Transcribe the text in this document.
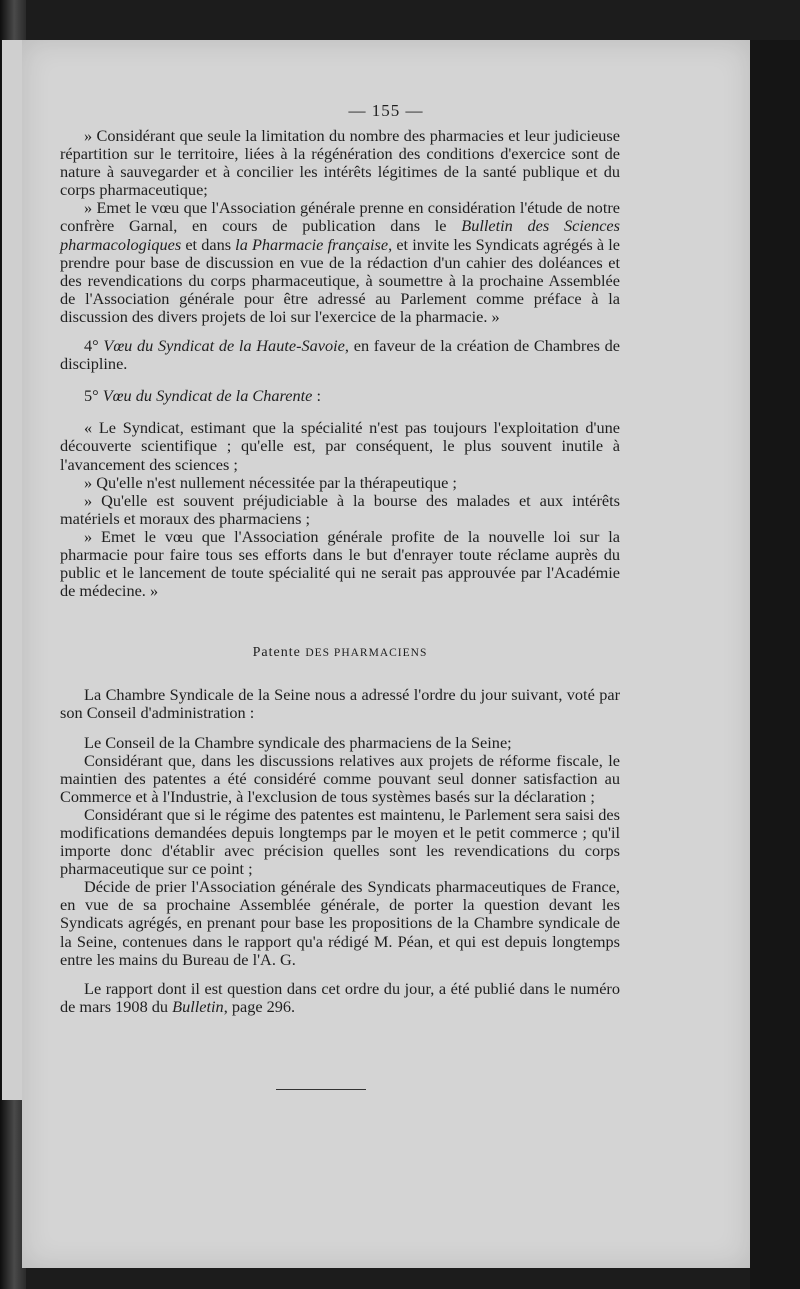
— 155 —

» Considérant que seule la limitation du nombre des pharmacies et leur judicieuse répartition sur le territoire, liées à la régénération des conditions d'exercice sont de nature à sauvegarder et à concilier les intérêts légitimes de la santé publique et du corps pharmaceutique;

» Emet le vœu que l'Association générale prenne en considération l'étude de notre confrère Garnal, en cours de publication dans le Bulletin des Sciences pharmacologiques et dans la Pharmacie française, et invite les Syndicats agrégés à le prendre pour base de discussion en vue de la rédaction d'un cahier des doléances et des revendications du corps pharmaceutique, à soumettre à la prochaine Assemblée de l'Association générale pour être adressé au Parlement comme préface à la discussion des divers projets de loi sur l'exercice de la pharmacie. »

4° Vœu du Syndicat de la Haute-Savoie, en faveur de la création de Chambres de discipline.

5° Vœu du Syndicat de la Charente :

« Le Syndicat, estimant que la spécialité n'est pas toujours l'exploitation d'une découverte scientifique ; qu'elle est, par conséquent, le plus souvent inutile à l'avancement des sciences ;

» Qu'elle n'est nullement nécessitée par la thérapeutique ;

» Qu'elle est souvent préjudiciable à la bourse des malades et aux intérêts matériels et moraux des pharmaciens ;

» Emet le vœu que l'Association générale profite de la nouvelle loi sur la pharmacie pour faire tous ses efforts dans le but d'enrayer toute réclame auprès du public et le lancement de toute spécialité qui ne serait pas approuvée par l'Académie de médecine. »

Patente DES PHARMACIENS

La Chambre Syndicale de la Seine nous a adressé l'ordre du jour suivant, voté par son Conseil d'administration :

Le Conseil de la Chambre syndicale des pharmaciens de la Seine;

Considérant que, dans les discussions relatives aux projets de réforme fiscale, le maintien des patentes a été considéré comme pouvant seul donner satisfaction au Commerce et à l'Industrie, à l'exclusion de tous systèmes basés sur la déclaration ;

Considérant que si le régime des patentes est maintenu, le Parlement sera saisi des modifications demandées depuis longtemps par le moyen et le petit commerce ; qu'il importe donc d'établir avec précision quelles sont les revendications du corps pharmaceutique sur ce point ;

Décide de prier l'Association générale des Syndicats pharmaceutiques de France, en vue de sa prochaine Assemblée générale, de porter la question devant les Syndicats agrégés, en prenant pour base les propositions de la Chambre syndicale de la Seine, contenues dans le rapport qu'a rédigé M. Péan, et qui est depuis longtemps entre les mains du Bureau de l'A. G.

Le rapport dont il est question dans cet ordre du jour, a été publié dans le numéro de mars 1908 du Bulletin, page 296.
